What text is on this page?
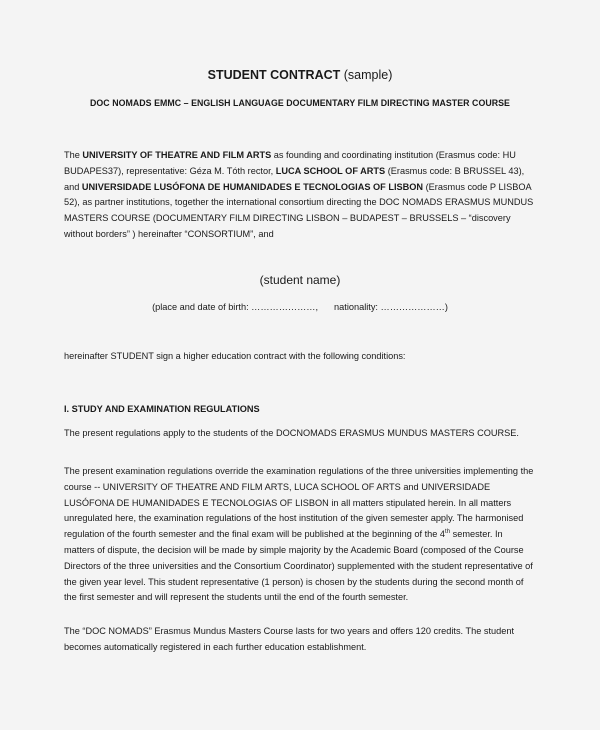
STUDENT CONTRACT (sample)
DOC NOMADS EMMC – ENGLISH LANGUAGE DOCUMENTARY FILM DIRECTING MASTER COURSE
The UNIVERSITY OF THEATRE AND FILM ARTS as founding and coordinating institution (Erasmus code: HU BUDAPES37), representative: Géza M. Tóth rector, LUCA SCHOOL OF ARTS (Erasmus code: B BRUSSEL 43), and UNIVERSIDADE LUSÓFONA DE HUMANIDADES E TECNOLOGIAS OF LISBON (Erasmus code P LISBOA 52), as partner institutions, together the international consortium directing the DOC NOMADS ERASMUS MUNDUS MASTERS COURSE (DOCUMENTARY FILM DIRECTING LISBON – BUDAPEST – BRUSSELS – “discovery without borders” ) hereinafter “CONSORTIUM”, and
(student name)
(place and date of birth: …………………, nationality: …………………)
hereinafter STUDENT sign a higher education contract with the following conditions:
I. STUDY AND EXAMINATION REGULATIONS
The present regulations apply to the students of the DOCNOMADS ERASMUS MUNDUS MASTERS COURSE.
The present examination regulations override the examination regulations of the three universities implementing the course -- UNIVERSITY OF THEATRE AND FILM ARTS, LUCA SCHOOL OF ARTS and UNIVERSIDADE LUSÓFONA DE HUMANIDADES E TECNOLOGIAS OF LISBON in all matters stipulated herein. In all matters unregulated here, the examination regulations of the host institution of the given semester apply. The harmonised regulation of the fourth semester and the final exam will be published at the beginning of the 4th semester. In matters of dispute, the decision will be made by simple majority by the Academic Board (composed of the Course Directors of the three universities and the Consortium Coordinator) supplemented with the student representative of the given year level. This student representative (1 person) is chosen by the students during the second month of the first semester and will represent the students until the end of the fourth semester.
The “DOC NOMADS” Erasmus Mundus Masters Course lasts for two years and offers 120 credits. The student becomes automatically registered in each further education establishment.
